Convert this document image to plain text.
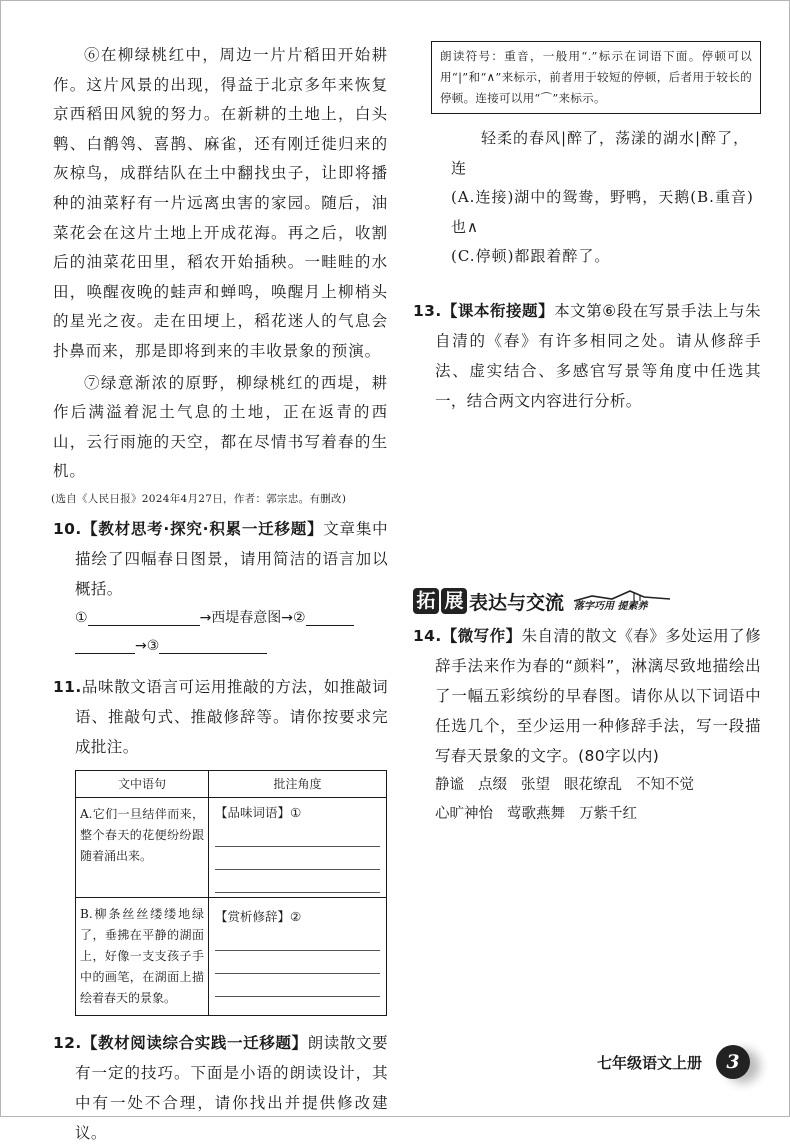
⑥在柳绿桃红中，周边一片片稻田开始耕作。这片风景的出现，得益于北京多年来恢复京西稻田风貌的努力。在新耕的土地上，白头鹎、白鹡鸰、喜鹊、麻雀，还有刚迁徙归来的灰椋鸟，成群结队在土中翻找虫子，让即将播种的油菜籽有一片远离虫害的家园。随后，油菜花会在这片土地上开成花海。再之后，收割后的油菜花田里，稻农开始插秧。一畦畦的水田，唤醒夜晚的蛙声和蝉鸣，唤醒月上柳梢头的星光之夜。走在田埂上，稻花迷人的气息会扑鼻而来，那是即将到来的丰收景象的预演。

⑦绿意渐浓的原野，柳绿桃红的西堤，耕作后满溢着泥土气息的土地，正在返青的西山，云行雨施的天空，都在尽情书写着春的生机。

(选自《人民日报》2024年4月27日，作者：郭宗忠。有删改)

10.【教材思考·探究·积累一迁移题】文章集中描绘了四幅春日图景，请用简洁的语言加以概括。

①	→西堤春意图→②
→③

11.品味散文语言可运用推敲的方法，如推敲词语、推敲句式、推敲修辞等。请你按要求完成批注。

文中语句	批注角度
A.它们一旦结伴而来，整个春天的花便纷纷跟随着涌出来。	【品味词语】①

B.柳条丝丝缕缕地绿了，垂拂在平静的湖面上，好像一支支孩子手中的画笔，在湖面上描绘着春天的景象。	【赏析修辞】②

12.【教材阅读综合实践一迁移题】朗读散文要有一定的技巧。下面是小语的朗读设计，其中有一处不合理，请你找出并提供修改建议。

朗读符号：重音，一般用“.”标示在词语下面。停顿可以用“|”和“∧”来标示，前者用于较短的停顿，后者用于较长的停顿。连接可以用“⌒”来标示。
轻柔的春风|醉了，荡漾的湖水|醉了，连
(A.连接)湖中的鸳鸯，野鸭，天鹅(B.重音)也∧
(C.停顿)都跟着醉了。

13.【课本衔接题】本文第⑥段在写景手法上与朱自清的《春》有许多相同之处。请从修辞手法、虚实结合、多感官写景等角度中任选其一，结合两文内容进行分析。

拓 展 表达与交流 落字巧用 提素养

14.【微写作】朱自清的散文《春》多处运用了修辞手法来作为春的“颜料”，淋漓尽致地描绘出了一幅五彩缤纷的早春图。请你从以下词语中任选几个，至少运用一种修辞手法，写一段描写春天景象的文字。(80字以内)

静谧 点缀 张望 眼花缭乱 不知不觉
心旷神怡 莺歌燕舞 万紫千红
七年级语文上册	3
